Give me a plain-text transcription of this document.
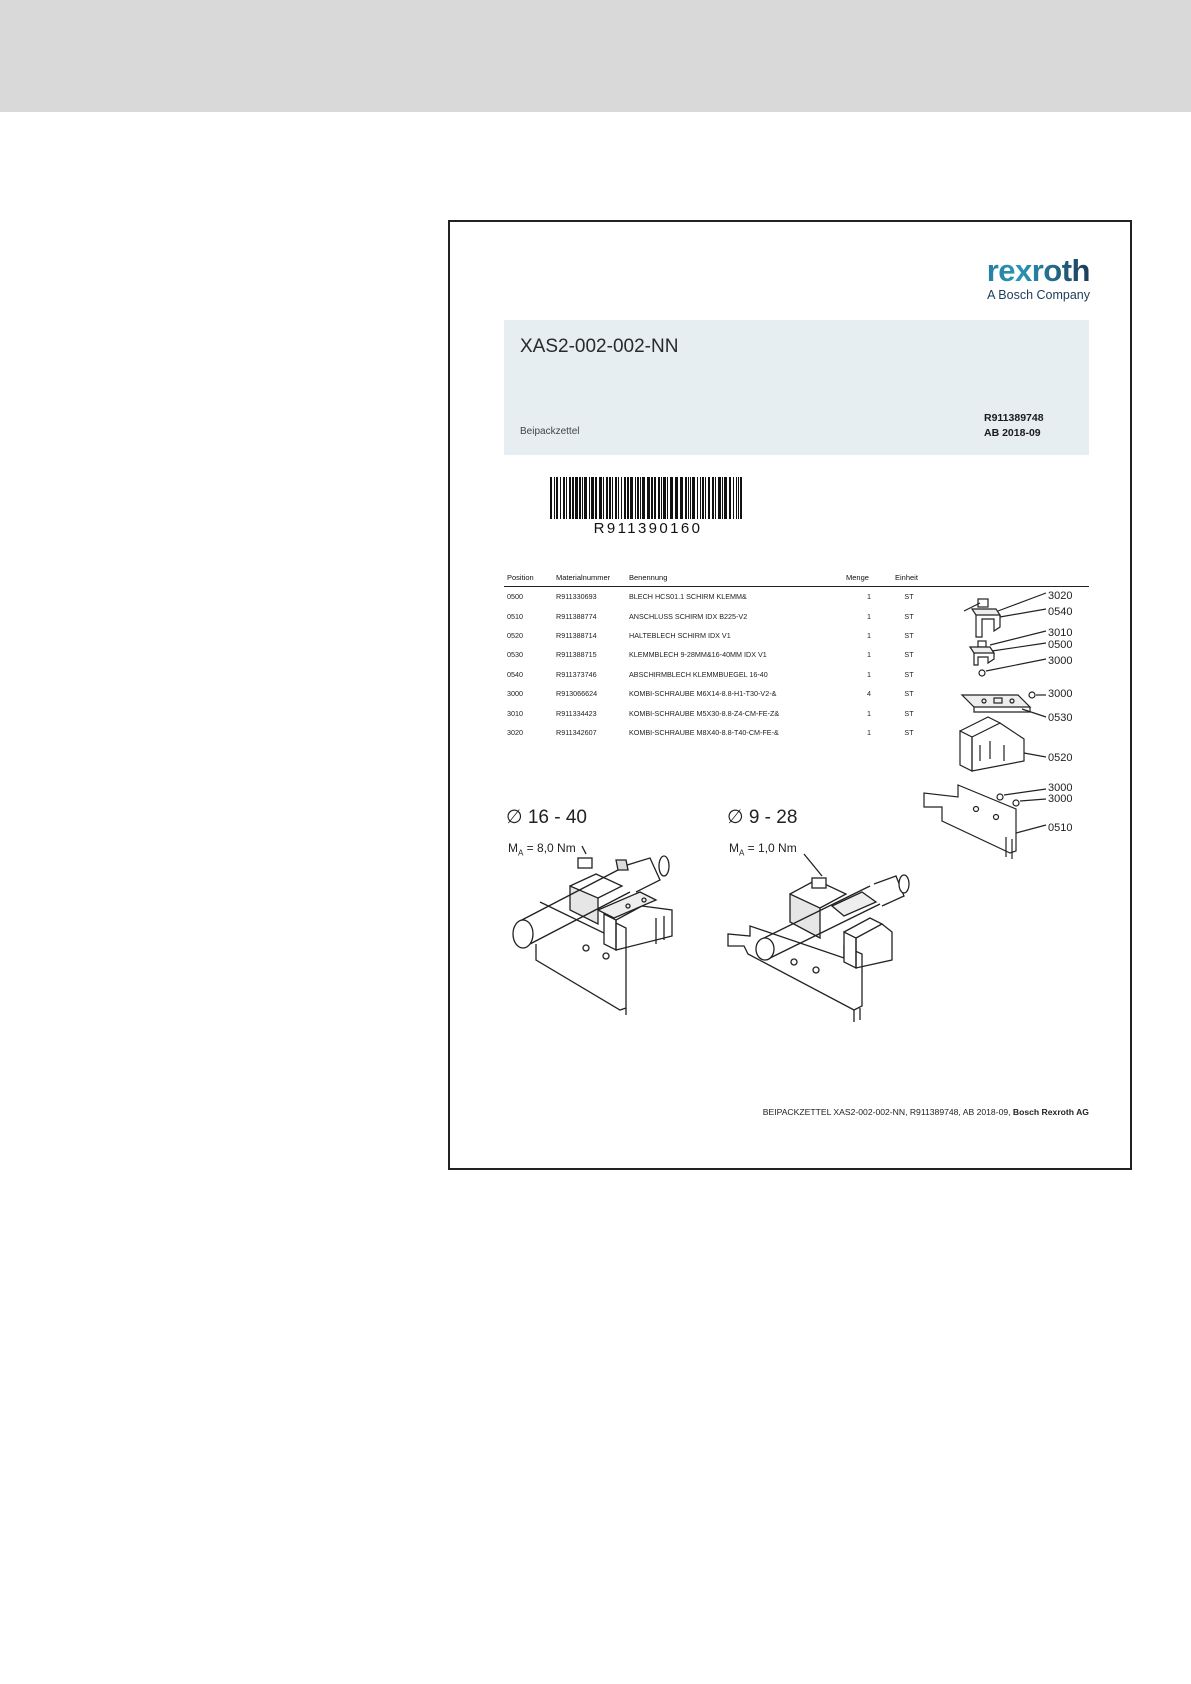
rexroth
A Bosch Company
XAS2-002-002-NN
Beipackzettel
R911389748
AB 2018-09
R911390160
Position	Materialnummer	Benennung	Menge	Einheit	
0500	R911330693	BLECH HCS01.1 SCHIRM KLEMM&	1	ST	
0510	R911388774	ANSCHLUSS SCHIRM IDX B225-V2	1	ST	
0520	R911388714	HALTEBLECH SCHIRM IDX V1	1	ST	
0530	R911388715	KLEMMBLECH 9-28MM&16-40MM IDX V1	1	ST	
0540	R911373746	ABSCHIRMBLECH KLEMMBUEGEL 16-40	1	ST	
3000	R913066624	KOMBI-SCHRAUBE M6X14-8.8-H1-T30-V2-&	4	ST	
3010	R911334423	KOMBI-SCHRAUBE M5X30-8.8-Z4-CM-FE-Z&	1	ST	
3020	R911342607	KOMBI-SCHRAUBE M8X40-8.8-T40-CM-FE-&	1	ST	
3020
0540
3010
0500
3000
3000
0530
0520
3000
3000
0510
∅ 16 - 40
$M_A = 8,0$ Nm
∅ 9 - 28
$M_A = 1,0$ Nm
BEIPACKZETTEL XAS2-002-002-NN, R911389748, AB 2018-09, Bosch Rexroth AG
